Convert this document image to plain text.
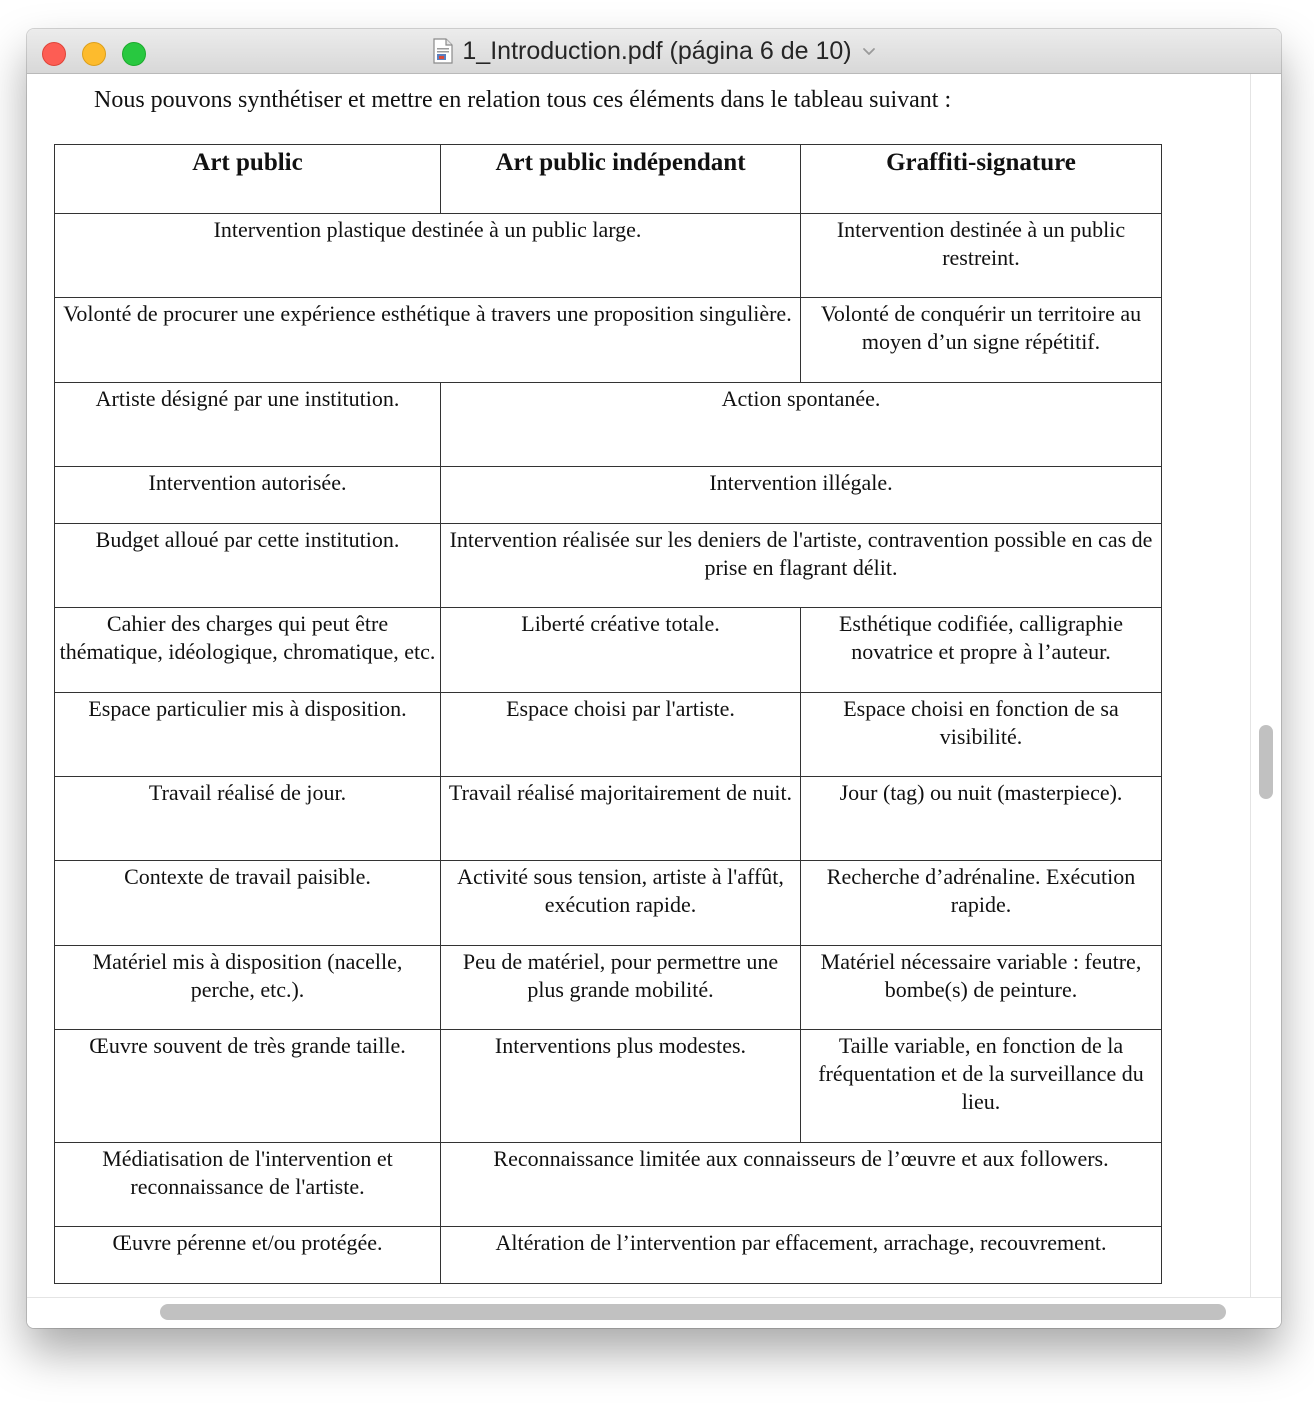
1_Introduction.pdf (página 6 de 10)

Nous pouvons synthétiser et mettre en relation tous ces éléments dans le tableau suivant :

Art public	Art public indépendant	Graffiti-signature
Intervention plastique destinée à un public large.		Intervention destinée à un public restreint.
Volonté de procurer une expérience esthétique à travers une proposition singulière.		Volonté de conquérir un territoire au moyen d’un signe répétitif.
Artiste désigné par une institution.	Action spontanée.	
Intervention autorisée.	Intervention illégale.	
Budget alloué par cette institution.	Intervention réalisée sur les deniers de l'artiste, contravention possible en cas de prise en flagrant délit.	
Cahier des charges qui peut être thématique, idéologique, chromatique, etc.	Liberté créative totale.	Esthétique codifiée, calligraphie novatrice et propre à l’auteur.
Espace particulier mis à disposition.	Espace choisi par l'artiste.	Espace choisi en fonction de sa visibilité.
Travail réalisé de jour.	Travail réalisé majoritairement de nuit.	Jour (tag) ou nuit (masterpiece).
Contexte de travail paisible.	Activité sous tension, artiste à l'affût, exécution rapide.	Recherche d’adrénaline. Exécution rapide.
Matériel mis à disposition (nacelle, perche, etc.).	Peu de matériel, pour permettre une plus grande mobilité.	Matériel nécessaire variable : feutre, bombe(s) de peinture.
Œuvre souvent de très grande taille.	Interventions plus modestes.	Taille variable, en fonction de la fréquentation et de la surveillance du lieu.
Médiatisation de l'intervention et reconnaissance de l'artiste.	Reconnaissance limitée aux connaisseurs de l’œuvre et aux followers.	
Œuvre pérenne et/ou protégée.	Altération de l’intervention par effacement, arrachage, recouvrement.	
